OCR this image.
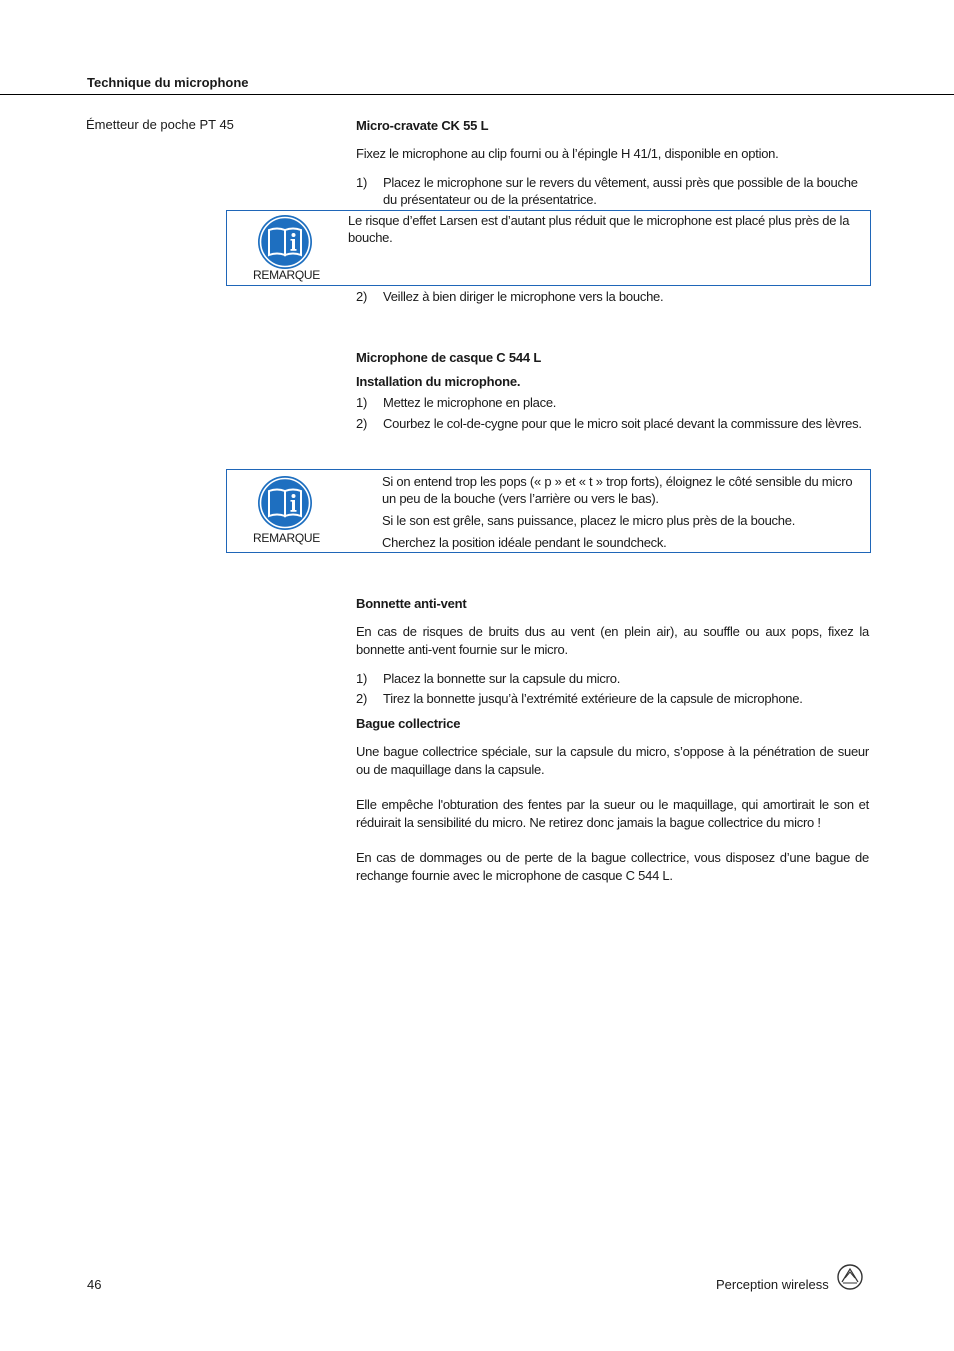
Technique du microphone
Émetteur de poche PT 45	Micro-cravate CK 55 L
Fixez le microphone au clip fourni ou à l’épingle H 41/1, disponible en option.
1)	Placez le microphone sur le revers du vêtement, aussi près que possible de la bouche du présentateur ou de la présentatrice.
REMARQUE
Le risque d’effet Larsen est d’autant plus réduit que le microphone est placé plus près de la bouche.
2)	Veillez à bien diriger le microphone vers la bouche.
Microphone de casque C 544 L
Installation du microphone.
1)	Mettez le microphone en place.
2)	Courbez le col-de-cygne pour que le micro soit placé devant la commissure des lèvres.
REMARQUE
Si on entend trop les pops (« p » et « t » trop forts), éloignez le côté sensible du micro un peu de la bouche (vers l’arrière ou vers le bas).
Si le son est grêle, sans puissance, placez le micro plus près de la bouche.
Cherchez la position idéale pendant le soundcheck.
Bonnette anti-vent
En cas de risques de bruits dus au vent (en plein air), au souffle ou aux pops, fixez la bonnette anti-vent fournie sur le micro.
1)	Placez la bonnette sur la capsule du micro.
2)	Tirez la bonnette jusqu’à l’extrémité extérieure de la capsule de microphone.
Bague collectrice
Une bague collectrice spéciale, sur la capsule du micro, s’oppose à la pénétration de sueur ou de maquillage dans la capsule.
Elle empêche l'obturation des fentes par la sueur ou le maquillage, qui amortirait le son et réduirait la sensibilité du micro. Ne retirez donc jamais la bague collectrice du micro !
En cas de dommages ou de perte de la bague collectrice, vous disposez d’une bague de rechange fournie avec le microphone de casque C 544 L.
46	Perception wireless
